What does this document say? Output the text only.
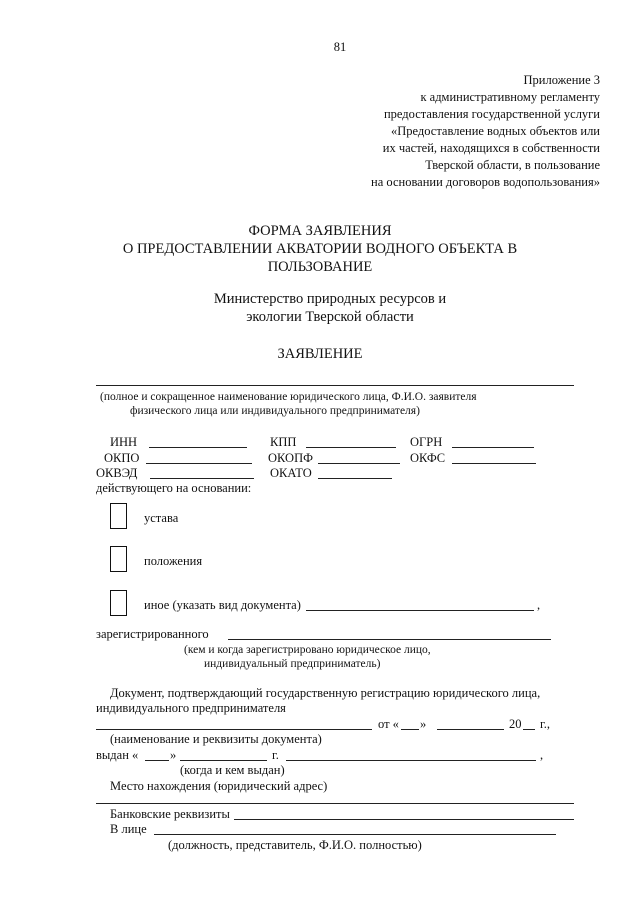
81
Приложение 3
к административному регламенту
предоставления государственной услуги
«Предоставление водных объектов или
их частей, находящихся в собственности
Тверской области, в пользование
на основании договоров водопользования»
ФОРМА ЗАЯВЛЕНИЯ
О ПРЕДОСТАВЛЕНИИ АКВАТОРИИ ВОДНОГО ОБЪЕКТА В
ПОЛЬЗОВАНИЕ
Министерство природных ресурсов и
экологии Тверской области
ЗАЯВЛЕНИЕ
(полное и сокращенное наименование юридического лица, Ф.И.О. заявителя
физического лица или индивидуального предпринимателя)
ИНН	КПП	ОГРН
ОКПО	ОКОПФ	ОКФС
ОКВЭД	ОКАТО
действующего на основании:
устава
положения
иное (указать вид документа)	,
зарегистрированного
(кем и когда зарегистрировано юридическое лицо,
индивидуальный предприниматель)
Документ, подтверждающий государственную регистрацию юридического лица,
индивидуального предпринимателя
от « »	20 г.,
(наименование и реквизиты документа)
выдан «	»	г.	,
(когда и кем выдан)
Место нахождения (юридический адрес)
Банковские реквизиты
В лице
(должность, представитель, Ф.И.О. полностью)
